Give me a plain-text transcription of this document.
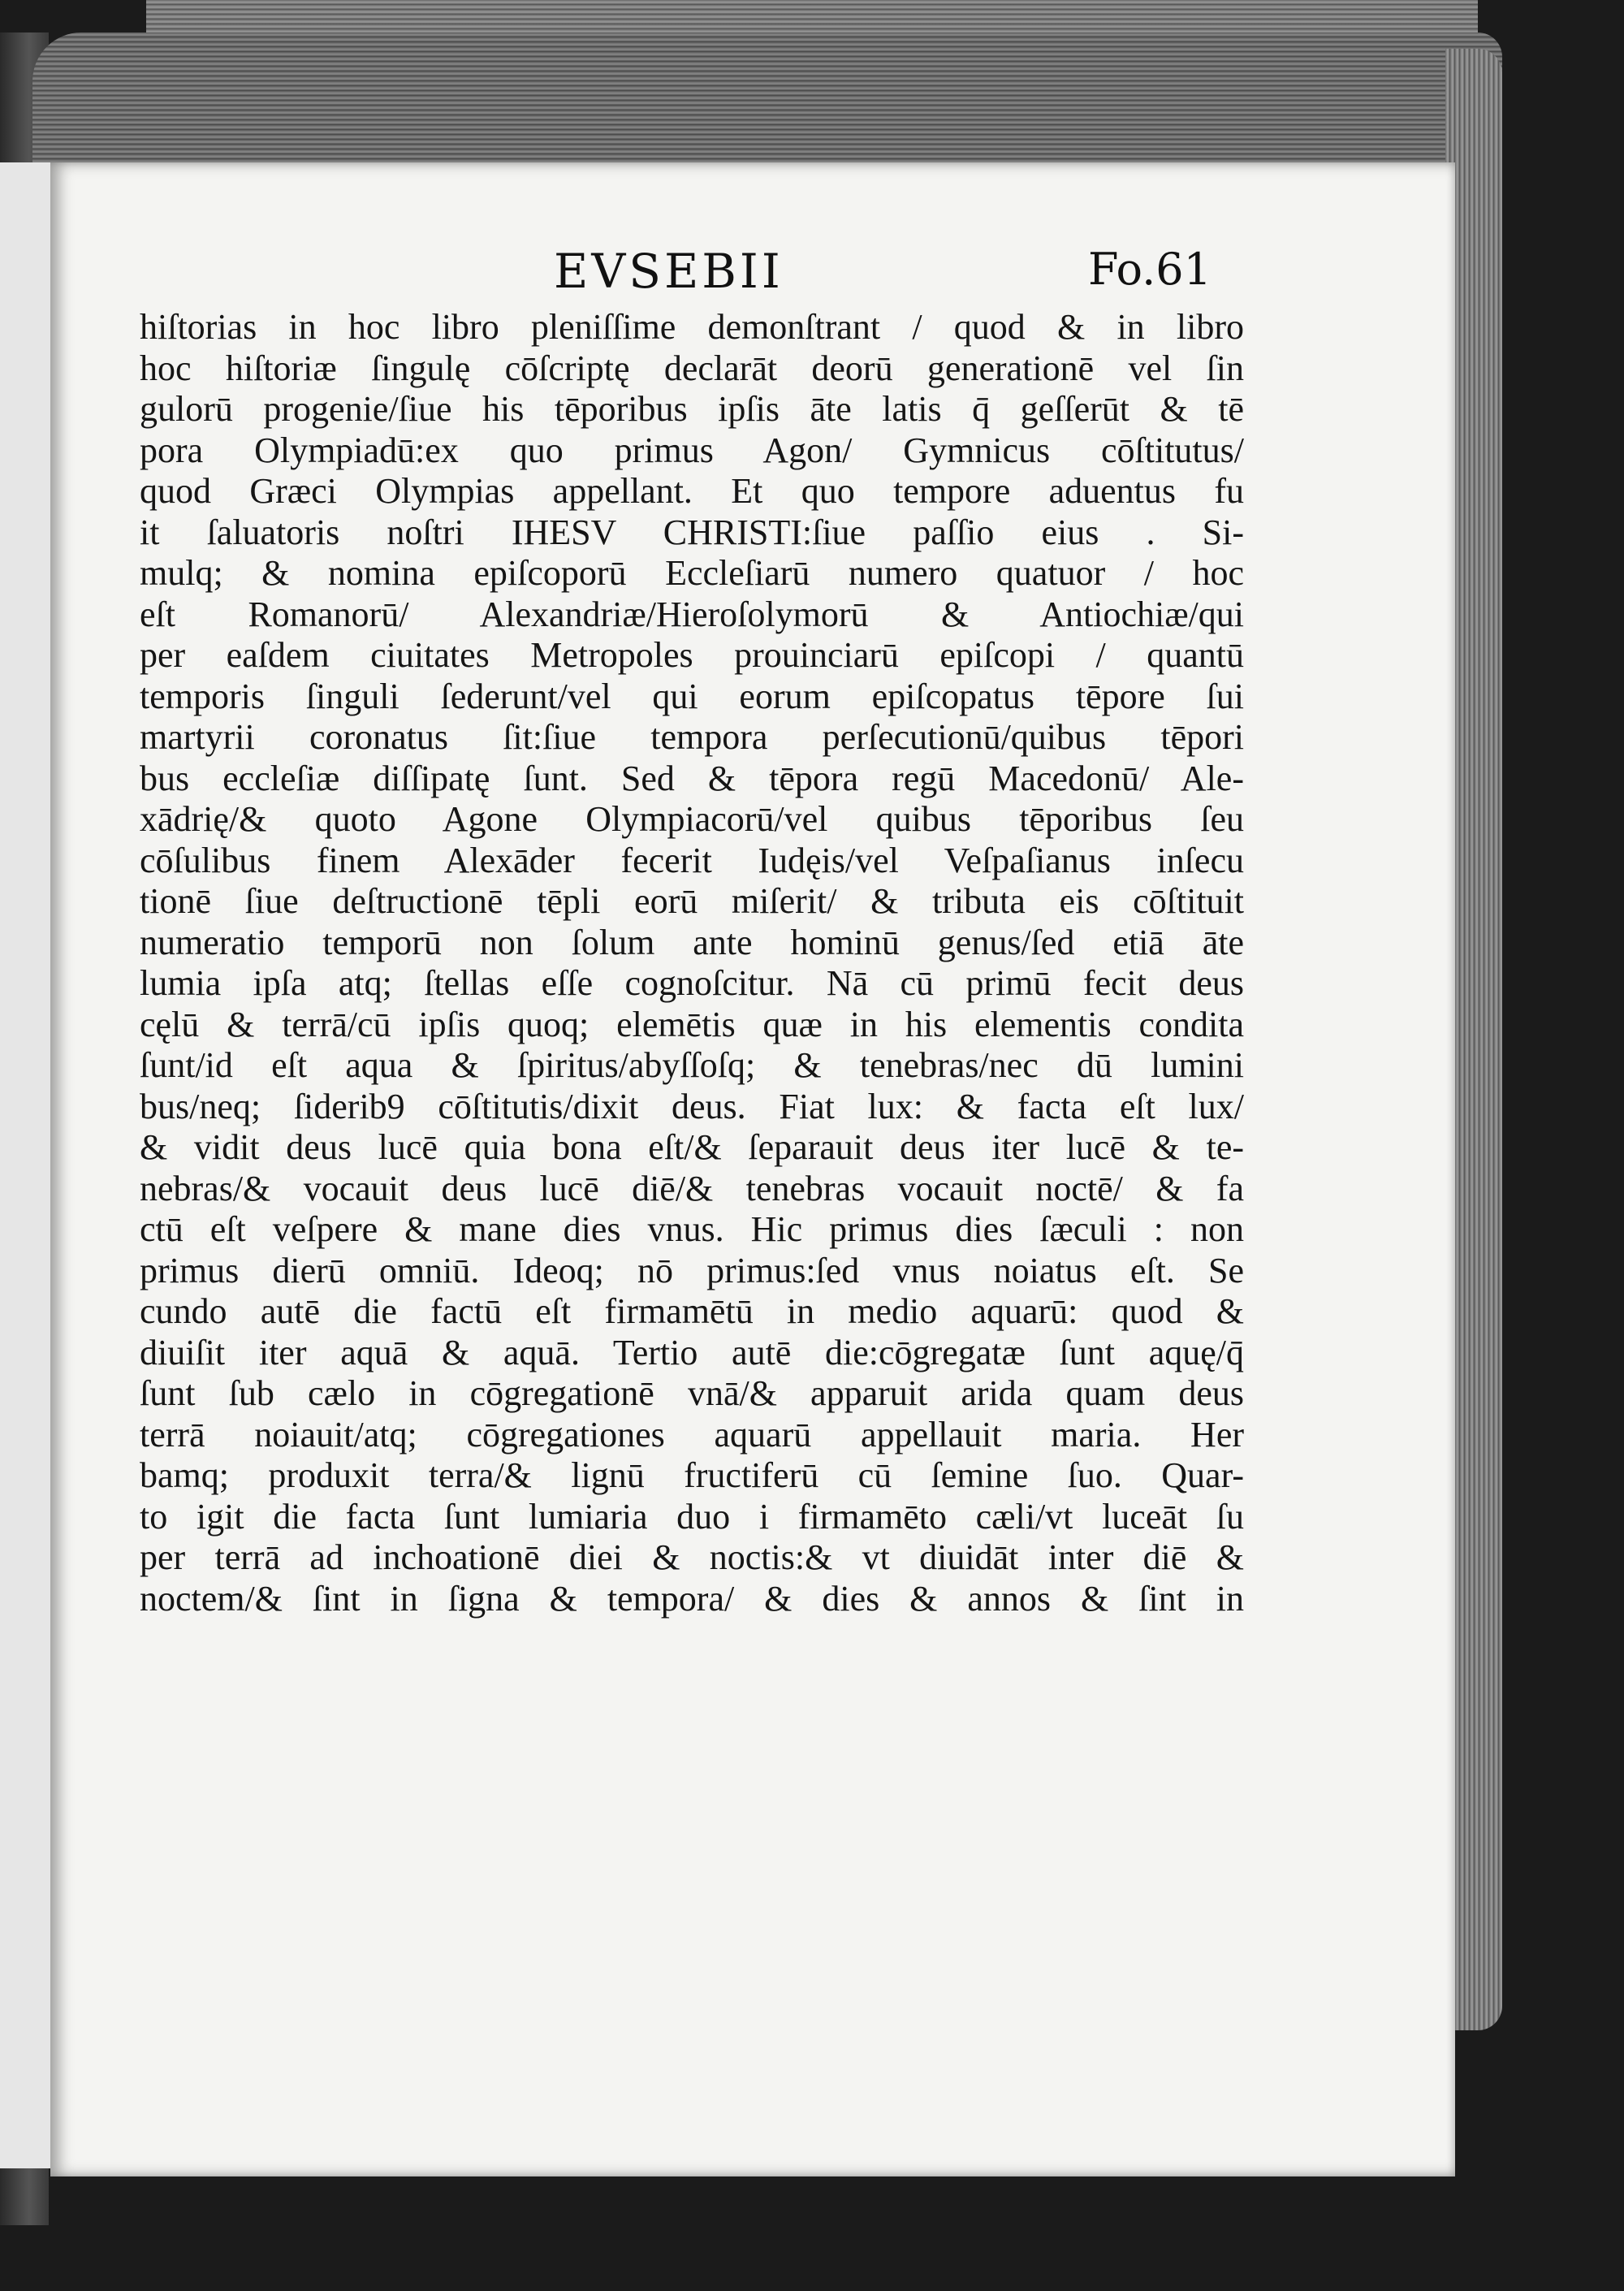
EVSEBII	Fo.61
hiſtorias in hoc libro pleniſſime demonſtrant / quod & in libro
hoc hiſtoriæ ſingulę cōſcriptę declarāt deorū generationē vel ſin
gulorū progenie/ſiue his tēporibus ipſis āte latis q̄ geſſerūt & tē
pora Olympiadū:ex quo primus Agon/ Gymnicus cōſtitutus/
quod Græci Olympias appellant. Et quo tempore aduentus fu
it ſaluatoris noſtri IHESV CHRISTI:ſiue paſſio eius . Si-
mulq; & nomina epiſcoporū Eccleſiarū numero quatuor / hoc
eſt Romanorū/ Alexandriæ/Hieroſolymorū & Antiochiæ/qui
per eaſdem ciuitates Metropoles prouinciarū epiſcopi / quantū
temporis ſinguli ſederunt/vel qui eorum epiſcopatus tēpore ſui
martyrii coronatus ſit:ſiue tempora perſecutionū/quibus tēpori
bus eccleſiæ diſſipatę ſunt. Sed & tēpora regū Macedonū/ Ale-
xādrię/& quoto Agone Olympiacorū/vel quibus tēporibus ſeu
cōſulibus finem Alexāder fecerit Iudęis/vel Veſpaſianus inſecu
tionē ſiue deſtructionē tēpli eorū miſerit/ & tributa eis cōſtituit
numeratio temporū non ſolum ante hominū genus/ſed etiā āte
lumia ipſa atq; ſtellas eſſe cognoſcitur. Nā cū primū fecit deus
cęlū & terrā/cū ipſis quoq; elemētis quæ in his elementis condita
ſunt/id eſt aqua & ſpiritus/abyſſoſq; & tenebras/nec dū lumini
bus/neq; ſiderib9 cōſtitutis/dixit deus. Fiat lux: & facta eſt lux/
& vidit deus lucē quia bona eſt/& ſeparauit deus iter lucē & te-
nebras/& vocauit deus lucē diē/& tenebras vocauit noctē/ & fa
ctū eſt veſpere & mane dies vnus. Hic primus dies ſæculi : non
primus dierū omniū. Ideoq; nō primus:ſed vnus noiatus eſt. Se
cundo autē die factū eſt firmamētū in medio aquarū: quod &
diuiſit iter aquā & aquā. Tertio autē die:cōgregatæ ſunt aquę/q̄
ſunt ſub cælo in cōgregationē vnā/& apparuit arida quam deus
terrā noiauit/atq; cōgregationes aquarū appellauit maria. Her
bamq; produxit terra/& lignū fructiferū cū ſemine ſuo. Quar-
to igit die facta ſunt lumiaria duo i firmamēto cæli/vt luceāt ſu
per terrā ad inchoationē diei & noctis:& vt diuidāt inter diē &
noctem/& ſint in ſigna & tempora/ & dies & annos & ſint in
